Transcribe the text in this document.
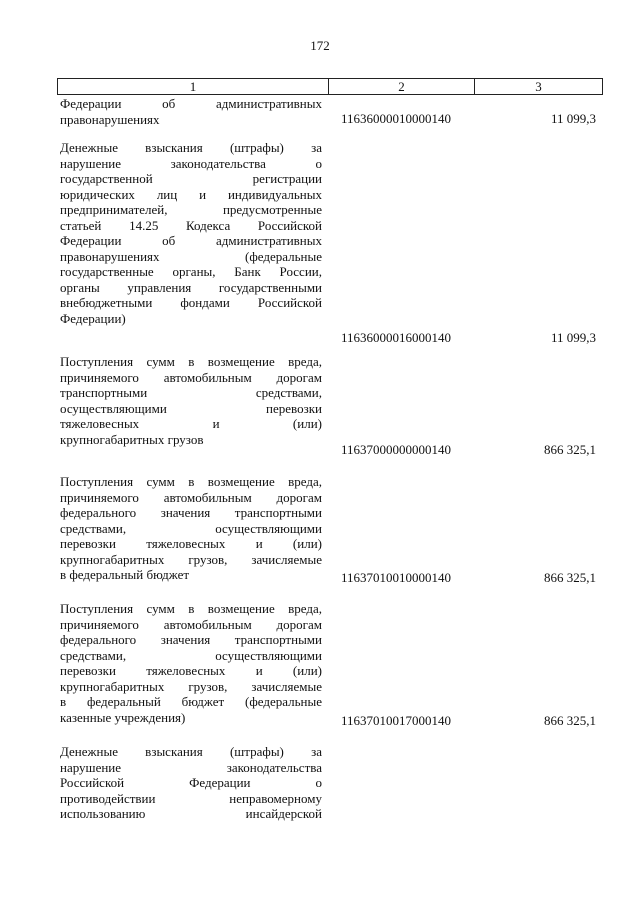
172
1	2	3
Федерации об административных
правонарушениях	11636000010000140	11 099,3
Денежные взыскания (штрафы) за
нарушение законодательства о
государственной регистрации
юридических лиц и индивидуальных
предпринимателей, предусмотренные
статьей 14.25 Кодекса Российской
Федерации об административных
правонарушениях (федеральные
государственные органы, Банк России,
органы управления государственными
внебюджетными фондами Российской
Федерации)
11636000016000140	11 099,3
Поступления сумм в возмещение вреда,
причиняемого автомобильным дорогам
транспортными средствами,
осуществляющими перевозки
тяжеловесных и (или)
крупногабаритных грузов
11637000000000140	866 325,1
Поступления сумм в возмещение вреда,
причиняемого автомобильным дорогам
федерального значения транспортными
средствами, осуществляющими
перевозки тяжеловесных и (или)
крупногабаритных грузов, зачисляемые
в федеральный бюджет	11637010010000140	866 325,1
Поступления сумм в возмещение вреда,
причиняемого автомобильным дорогам
федерального значения транспортными
средствами, осуществляющими
перевозки тяжеловесных и (или)
крупногабаритных грузов, зачисляемые
в федеральный бюджет (федеральные
казенные учреждения)	11637010017000140	866 325,1
Денежные взыскания (штрафы) за
нарушение законодательства
Российской Федерации о
противодействии неправомерному
использованию инсайдерской
